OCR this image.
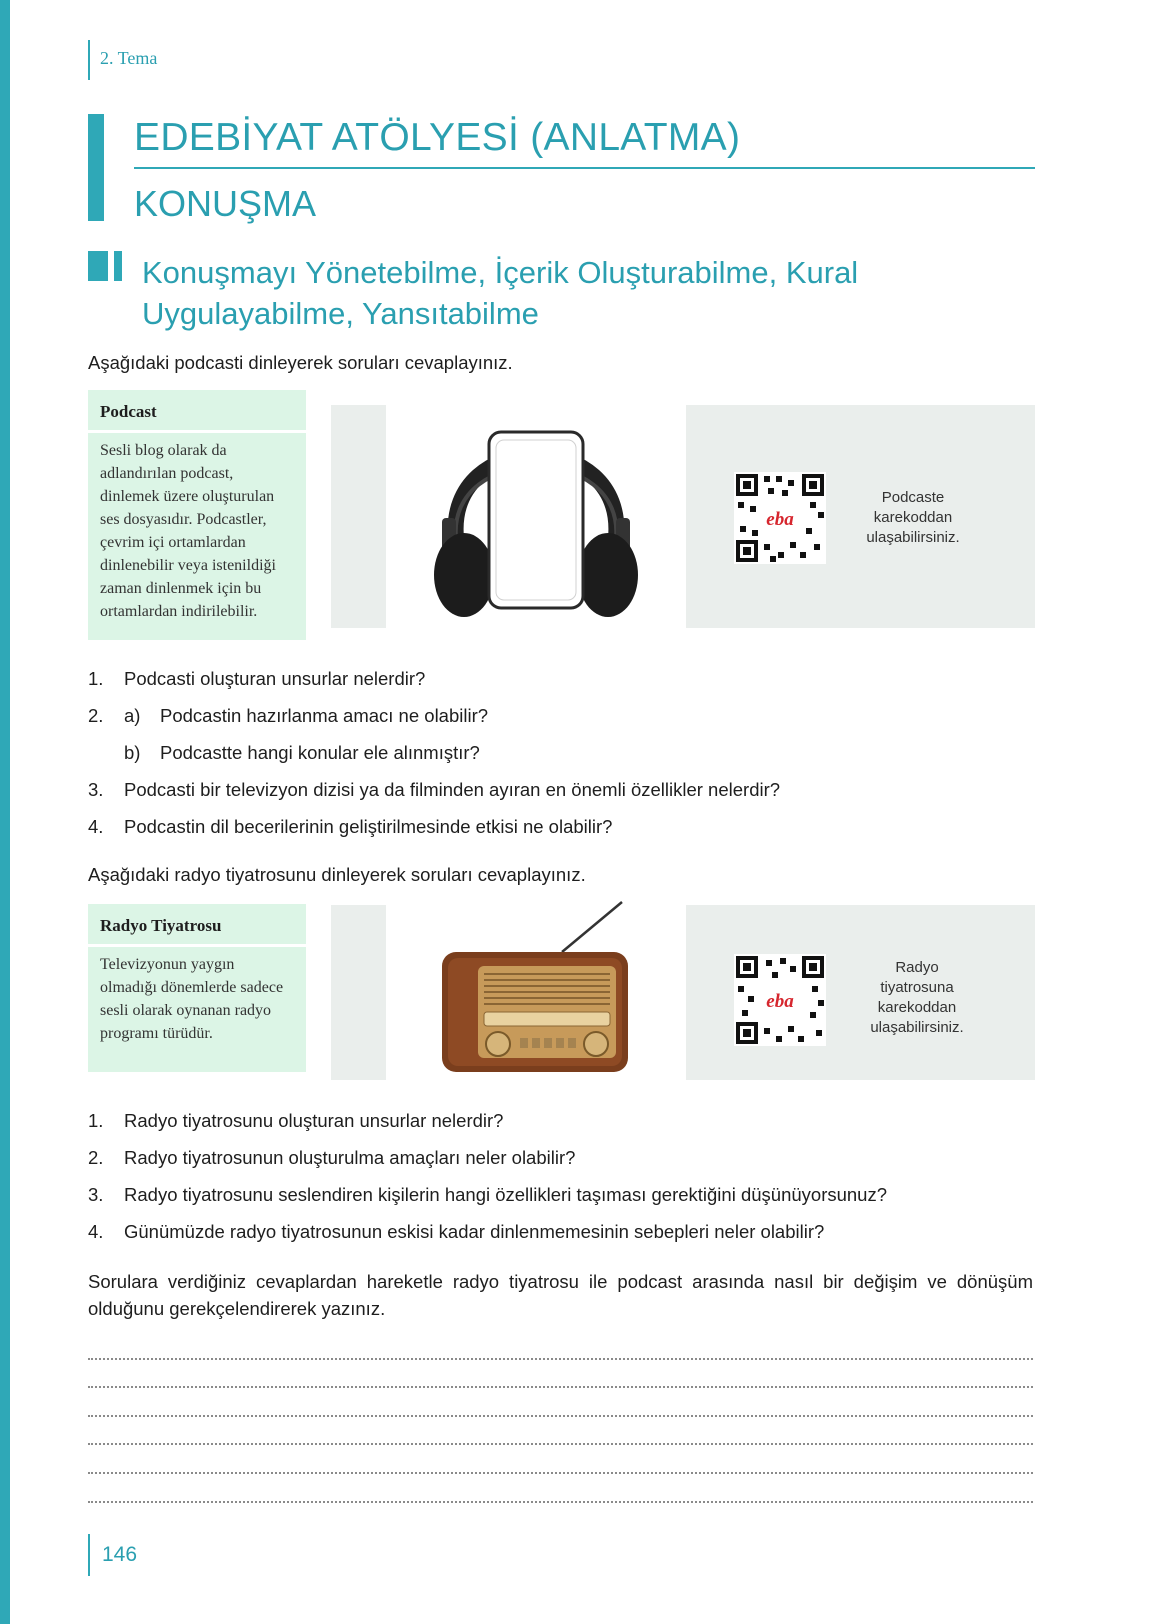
2. Tema
EDEBİYAT ATÖLYESİ (ANLATMA)
KONUŞMA
Konuşmayı Yönetebilme, İçerik Oluşturabilme, Kural Uygulayabilme, Yansıtabilme
Aşağıdaki podcasti dinleyerek soruları cevaplayınız.
Podcast
Sesli blog olarak da adlandırılan podcast, dinlemek üzere oluşturulan ses dosyasıdır. Podcastler, çevrim içi ortamlardan dinlenebilir veya istenildiği zaman dinlenmek için bu ortamlardan indirilebilir.
eba
Podcaste karekoddan ulaşabilirsiniz.
1. Podcasti oluşturan unsurlar nelerdir?
2. a) Podcastin hazırlanma amacı ne olabilir?
b) Podcastte hangi konular ele alınmıştır?
3. Podcasti bir televizyon dizisi ya da filminden ayıran en önemli özellikler nelerdir?
4. Podcastin dil becerilerinin geliştirilmesinde etkisi ne olabilir?
Aşağıdaki radyo tiyatrosunu dinleyerek soruları cevaplayınız.
Radyo Tiyatrosu
Televizyonun yaygın olmadığı dönemlerde sadece sesli olarak oynanan radyo programı türüdür.
eba
Radyo tiyatrosuna karekoddan ulaşabilirsiniz.
1. Radyo tiyatrosunu oluşturan unsurlar nelerdir?
2. Radyo tiyatrosunun oluşturulma amaçları neler olabilir?
3. Radyo tiyatrosunu seslendiren kişilerin hangi özellikleri taşıması gerektiğini düşünüyorsunuz?
4. Günümüzde radyo tiyatrosunun eskisi kadar dinlenmemesinin sebepleri neler olabilir?
Sorulara verdiğiniz cevaplardan hareketle radyo tiyatrosu ile podcast arasında nasıl bir değişim ve dönüşüm olduğunu gerekçelendirerek yazınız.
146
